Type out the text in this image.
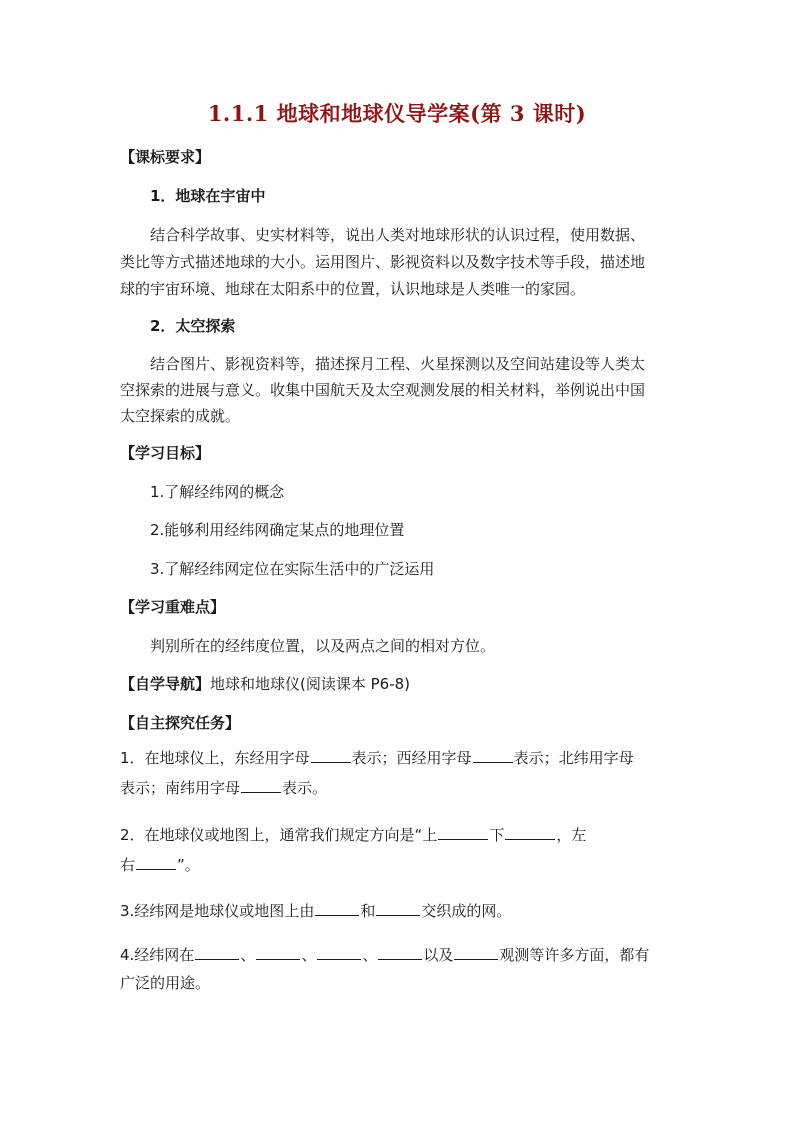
1.1.1 地球和地球仪导学案(第 3 课时)
【课标要求】
1．地球在宇宙中
结合科学故事、史实材料等，说出人类对地球形状的认识过程，使用数据、
类比等方式描述地球的大小。运用图片、影视资料以及数字技术等手段，描述地
球的宇宙环境、地球在太阳系中的位置，认识地球是人类唯一的家园。
2．太空探索
结合图片、影视资料等，描述探月工程、火星探测以及空间站建设等人类太
空探索的进展与意义。收集中国航天及太空观测发展的相关材料，举例说出中国
太空探索的成就。
【学习目标】
1.了解经纬网的概念
2.能够利用经纬网确定某点的地理位置
3.了解经纬网定位在实际生活中的广泛运用
【学习重难点】
判别所在的经纬度位置，以及两点之间的相对方位。
【自学导航】地球和地球仪(阅读课本 P6-8)
【自主探究任务】
1．在地球仪上，东经用字母	表示；西经用字母	表示；北纬用字母
表示；南纬用字母	表示。
2．在地球仪或地图上，通常我们规定方向是“上	下	，左
右	”。
3.经纬网是地球仪或地图上由	和	交织成的网。
4.经纬网在	、	、	、	以及	观测等许多方面，都有
广泛的用途。
